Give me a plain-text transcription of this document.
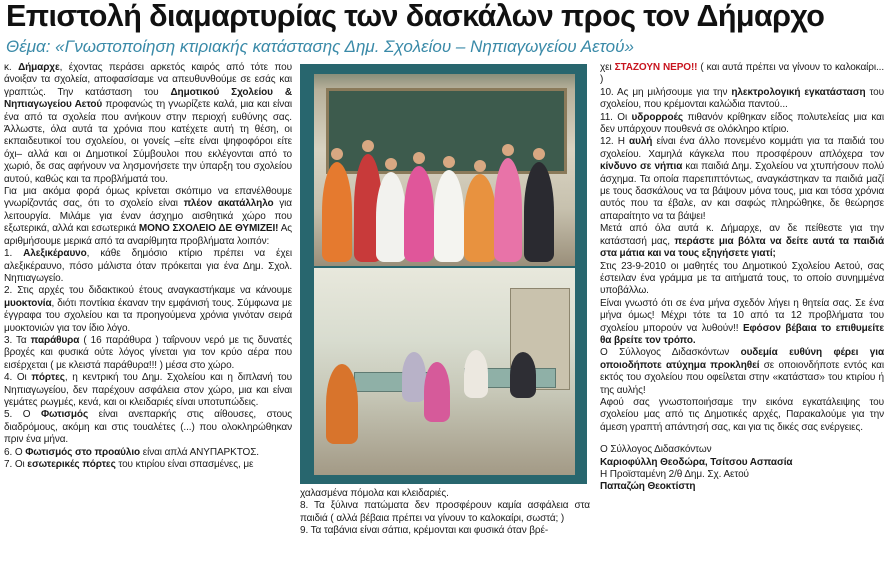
Επιστολή διαμαρτυρίας των δασκάλων προς τον Δήμαρχο
Θέμα: «Γνωστοποίηση κτιριακής κατάστασης Δημ. Σχολείου – Νηπιαγωγείου Αετού»

κ. Δήμαρχε, έχοντας περάσει αρκετός καιρός από τότε που άνοιξαν τα σχολεία, αποφασίσαμε να απευθυνθούμε σε εσάς και γραπτώς. Την κατάσταση του Δημοτικού Σχολείου & Νηπιαγωγείου Αετού προφανώς τη γνωρίζετε καλά, μια και είναι ένα από τα σχολεία που ανήκουν στην περιοχή ευθύνης σας. Άλλωστε, όλα αυτά τα χρόνια που κατέχετε αυτή τη θέση, οι εκπαιδευτικοί του σχολείου, οι γονείς –είτε είναι ψηφοφόροι είτε όχι– αλλά και οι Δημοτικοί Σύμβουλοι που εκλέγονται από το χωριό, δε σας αφήνουν να λησμονήσετε την ύπαρξη του σχολείου αυτού, καθώς και τα προβλήματά του.

Για μια ακόμα φορά όμως κρίνεται σκόπιμο να επανέλθουμε γνωρίζοντάς σας, ότι το σχολείο είναι πλέον ακατάλληλο για λειτουργία. Μιλάμε για έναν άσχημο αισθητικά χώρο που εξωτερικά, αλλά και εσωτερικά ΜΟΝΟ ΣΧΟΛΕΙΟ ΔΕ ΘΥΜΙΖΕΙ! Ας αριθμήσουμε μερικά από τα αναρίθμητα προβλήματα λοιπόν:

1. Αλεξικέραυνο, κάθε δημόσιο κτίριο πρέπει να έχει αλεξικέραυνο, πόσο μάλιστα όταν πρόκειται για ένα Δημ. Σχολ. Νηπιαγωγείο.

2. Στις αρχές του διδακτικού έτους αναγκαστήκαμε να κάνουμε μυοκτονία, διότι ποντίκια έκαναν την εμφάνισή τους. Σύμφωνα με έγγραφα του σχολείου και τα προηγούμενα χρόνια γινόταν σειρά μυοκτονιών για τον ίδιο λόγο.

3. Τα παράθυρα ( 16 παράθυρα ) ταΐρνουν νερό με τις δυνατές βροχές και φυσικά ούτε λόγος γίνεται για τον κρύο αέρα που εισέρχεται ( με κλειστά παράθυρα!!! ) μέσα στο χώρο.

4. Οι πόρτες, η κεντρική του Δημ. Σχολείου και η διπλανή του Νηπιαγωγείου, δεν παρέχουν ασφάλεια στον χώρο, μια και είναι γεμάτες ρωγμές, κενά, και οι κλειδαριές είναι υποτυπώδεις.

5. Ο Φωτισμός είναι ανεπαρκής στις αίθουσες, στους διαδρόμους, ακόμη και στις τουαλέτες (...) που ολοκληρώθηκαν πριν ένα μήνα.

6. Ο Φωτισμός στο προαύλιο είναι απλά ΑΝΥΠΑΡΚΤΟΣ.

7. Οι εσωτερικές πόρτες του κτιρίου είναι σπασμένες, με

χαλασμένα πόμολα και κλειδαριές.

8. Τα ξύλινα πατώματα δεν προσφέρουν καμία ασφάλεια στα παιδιά ( αλλά βέβαια πρέπει να γίνουν το καλοκαίρι, σωστά; )

9. Τα ταβάνια είναι σάπια, κρέμονται και φυσικά όταν βρέ-

χει ΣΤΑΖΟΥΝ ΝΕΡΟ!! ( και αυτά πρέπει να γίνουν το καλοκαίρι... )

10. Ας μη μιλήσουμε για την ηλεκτρολογική εγκατάσταση του σχολείου, που κρέμονται καλώδια παντού...

11. Οι υδρορροές πιθανόν κρίθηκαν είδος πολυτελείας μια και δεν υπάρχουν πουθενά σε ολόκληρο κτίριο.

12. Η αυλή είναι ένα άλλο πονεμένο κομμάτι για τα παιδιά του σχολείου. Χαμηλά κάγκελα που προσφέρουν απλόχερα τον κίνδυνο σε νήπια και παιδιά Δημ. Σχολείου να χτυπήσουν πολύ άσχημα. Τα οποία παρεπιπτόντως, αναγκάστηκαν τα παιδιά μαζί με τους δασκάλους να τα βάψουν μόνα τους, μια και τόσα χρόνια αυτός που τα έβαλε, αν και σαφώς πληρώθηκε, δε θεώρησε απαραίτητο να τα βάψει!

Μετά από όλα αυτά κ. Δήμαρχε, αν δε πείθεστε για την κατάστασή μας, περάστε μια βόλτα να δείτε αυτά τα παιδιά στα μάτια και να τους εξηγήσετε γιατί;

Στις 23-9-2010 οι μαθητές του Δημοτικού Σχολείου Αετού, σας έστειλαν ένα γράμμα με τα αιτήματά τους, το οποίο συνημμένα υποβάλλω.

Είναι γνωστό ότι σε ένα μήνα σχεδόν λήγει η θητεία σας. Σε ένα μήνα όμως! Μέχρι τότε τα 10 από τα 12 προβλήματα του σχολείου μπορούν να λυθούν!! Εφόσον βέβαια το επιθυμείτε θα βρείτε τον τρόπο.

Ο Σύλλογος Διδασκόντων ουδεμία ευθύνη φέρει για οποιοδήποτε ατύχημα προκληθεί σε οποιονδήποτε εντός και εκτός του σχολείου που οφείλεται στην «κατάστασ» του κτιρίου ή της αυλής!

Αφού σας γνωστοποιήσαμε την εικόνα εγκατάλειψης του σχολείου μας από τις Δημοτικές αρχές, Παρακαλούμε για την άμεση γραπτή απάντησή σας, και για τις δικές σας ενέργειες.

Ο Σύλλογος Διδασκόντων
Καριοφύλλη Θεοδώρα, Τσίτσου Ασπασία
Η Προϊσταμένη 2/θ Δημ. Σχ. Αετού
Παπαζώη Θεοκτίστη
